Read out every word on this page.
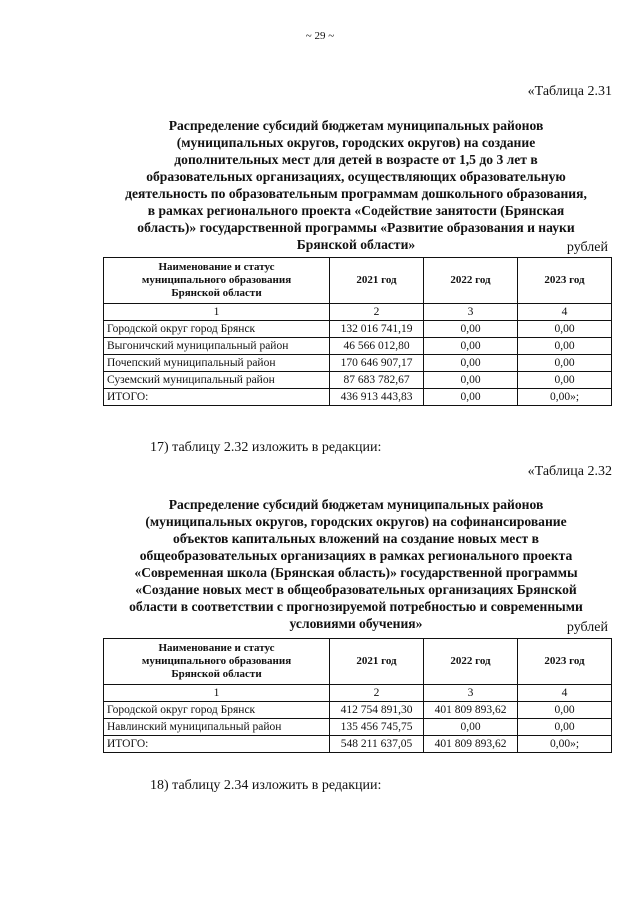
~ 29 ~
«Таблица 2.31
Распределение субсидий бюджетам муниципальных районов
(муниципальных округов, городских округов) на создание
дополнительных мест для детей в возрасте от 1,5 до 3 лет в
образовательных организациях, осуществляющих образовательную
деятельность по образовательным программам дошкольного образования,
в рамках регионального проекта «Содействие занятости (Брянская
область)» государственной программы «Развитие образования и науки
Брянской области»	рублей
Наименование и статус
муниципального образования
Брянской области	2021 год	2022 год	2023 год
1	2	3	4
Городской округ город Брянск	132 016 741,19	0,00	0,00
Выгоничский муниципальный район	46 566 012,80	0,00	0,00
Почепский муниципальный район	170 646 907,17	0,00	0,00
Суземский муниципальный район	87 683 782,67	0,00	0,00
ИТОГО:	436 913 443,83	0,00	0,00»;
17) таблицу 2.32 изложить в редакции:
«Таблица 2.32
Распределение субсидий бюджетам муниципальных районов
(муниципальных округов, городских округов) на софинансирование
объектов капитальных вложений на создание новых мест в
общеобразовательных организациях в рамках регионального проекта
«Современная школа (Брянская область)» государственной программы
«Создание новых мест в общеобразовательных организациях Брянской
области в соответствии с прогнозируемой потребностью и современными
условиями обучения»	рублей
Наименование и статус
муниципального образования
Брянской области	2021 год	2022 год	2023 год
1	2	3	4
Городской округ город Брянск	412 754 891,30	401 809 893,62	0,00
Навлинский муниципальный район	135 456 745,75	0,00	0,00
ИТОГО:	548 211 637,05	401 809 893,62	0,00»;
18) таблицу 2.34 изложить в редакции:
